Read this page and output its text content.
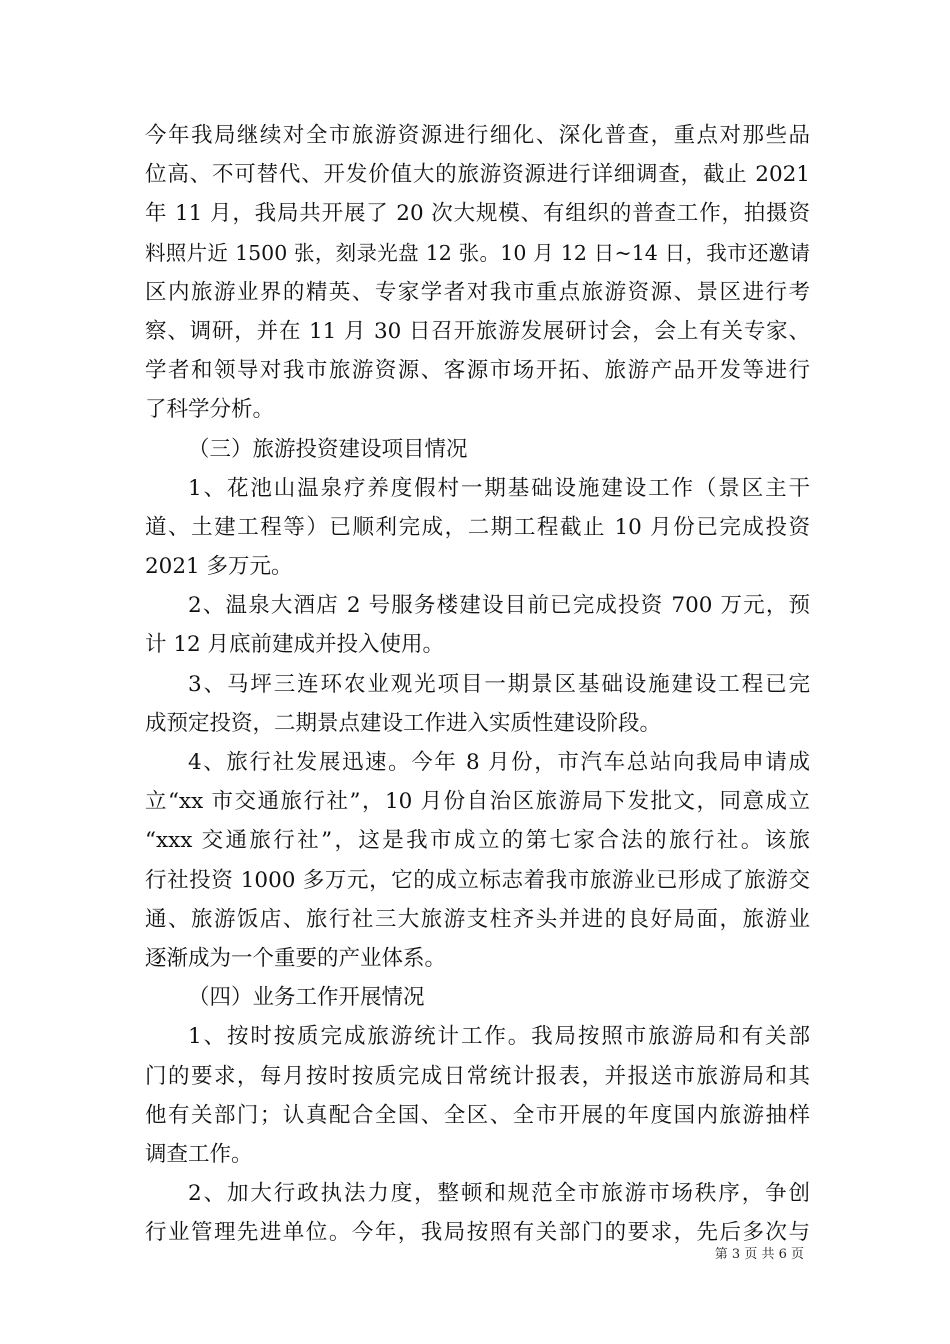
今年我局继续对全市旅游资源进行细化、深化普查，重点对那些品
位高、不可替代、开发价值大的旅游资源进行详细调查，截止 2021
年 11 月，我局共开展了 20 次大规模、有组织的普查工作，拍摄资
料照片近 1500 张，刻录光盘 12 张。10 月 12 日~14 日，我市还邀请
区内旅游业界的精英、专家学者对我市重点旅游资源、景区进行考
察、调研，并在 11 月 30 日召开旅游发展研讨会，会上有关专家、
学者和领导对我市旅游资源、客源市场开拓、旅游产品开发等进行
了科学分析。
（三）旅游投资建设项目情况
1、花池山温泉疗养度假村一期基础设施建设工作（景区主干
道、土建工程等）已顺利完成，二期工程截止 10 月份已完成投资
2021 多万元。
2、温泉大酒店 2 号服务楼建设目前已完成投资 700 万元，预
计 12 月底前建成并投入使用。
3、马坪三连环农业观光项目一期景区基础设施建设工程已完
成预定投资，二期景点建设工作进入实质性建设阶段。
4、旅行社发展迅速。今年 8 月份，市汽车总站向我局申请成
立“xx 市交通旅行社”，10 月份自治区旅游局下发批文，同意成立
“xxx 交通旅行社”，这是我市成立的第七家合法的旅行社。该旅
行社投资 1000 多万元，它的成立标志着我市旅游业已形成了旅游交
通、旅游饭店、旅行社三大旅游支柱齐头并进的良好局面，旅游业
逐渐成为一个重要的产业体系。
（四）业务工作开展情况
1、按时按质完成旅游统计工作。我局按照市旅游局和有关部
门的要求，每月按时按质完成日常统计报表，并报送市旅游局和其
他有关部门；认真配合全国、全区、全市开展的年度国内旅游抽样
调查工作。
2、加大行政执法力度，整顿和规范全市旅游市场秩序，争创
行业管理先进单位。今年，我局按照有关部门的要求，先后多次与
第 3 页 共 6 页
